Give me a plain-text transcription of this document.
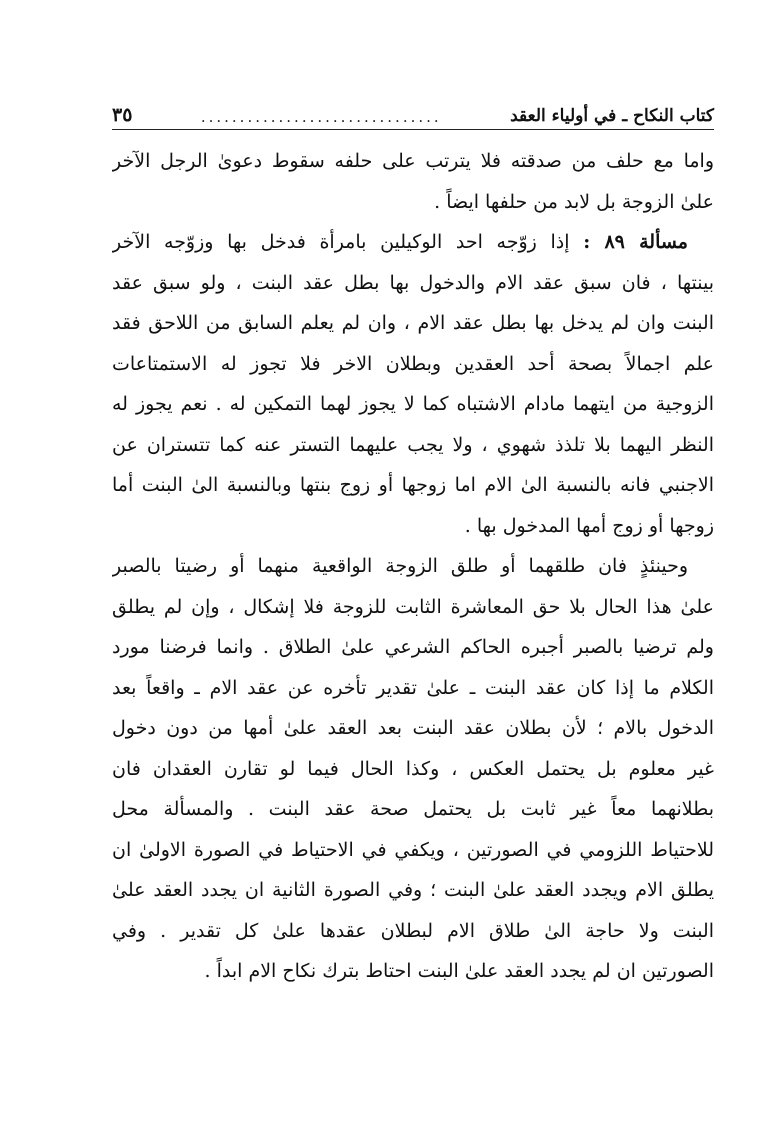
كتاب النكاح ـ في أولياء العقد
...............................
٣٥
واما مع حلف من صدقته فلا يترتب على حلفه سقوط دعوىٰ الرجل الآخر
علىٰ الزوجة بل لابد من حلفها ايضاً .
مسألة ٨٩ : إذا زوّجه احد الوكيلين بامرأة فدخل بها وزوّجه الآخر
بينتها ، فان سبق عقد الام والدخول بها بطل عقد البنت ، ولو سبق عقد
البنت وان لم يدخل بها بطل عقد الام ، وان لم يعلم السابق من اللاحق فقد
علم اجمالاً بصحة أحد العقدين وبطلان الاخر فلا تجوز له الاستمتاعات
الزوجية من ايتهما مادام الاشتباه كما لا يجوز لهما التمكين له . نعم يجوز له
النظر اليهما بلا تلذذ شهوي ، ولا يجب عليهما التستر عنه كما تتستران عن
الاجنبي فانه بالنسبة الىٰ الام اما زوجها أو زوج بنتها وبالنسبة الىٰ البنت أما
زوجها أو زوج أمها المدخول بها .
وحينئذٍ فان طلقهما أو طلق الزوجة الواقعية منهما أو رضيتا بالصبر
علىٰ هذا الحال بلا حق المعاشرة الثابت للزوجة فلا إشكال ، وإن لم يطلق
ولم ترضيا بالصبر أجبره الحاكم الشرعي علىٰ الطلاق . وانما فرضنا مورد
الكلام ما إذا كان عقد البنت ـ علىٰ تقدير تأخره عن عقد الام ـ واقعاً بعد
الدخول بالام ؛ لأن بطلان عقد البنت بعد العقد علىٰ أمها من دون دخول
غير معلوم بل يحتمل العكس ، وكذا الحال فيما لو تقارن العقدان فان
بطلانهما معاً غير ثابت بل يحتمل صحة عقد البنت . والمسألة محل
للاحتياط اللزومي في الصورتين ، ويكفي في الاحتياط في الصورة الاولىٰ ان
يطلق الام ويجدد العقد علىٰ البنت ؛ وفي الصورة الثانية ان يجدد العقد علىٰ
البنت ولا حاجة الىٰ طلاق الام لبطلان عقدها علىٰ كل تقدير . وفي
الصورتين ان لم يجدد العقد علىٰ البنت احتاط بترك نكاح الام ابداً .
